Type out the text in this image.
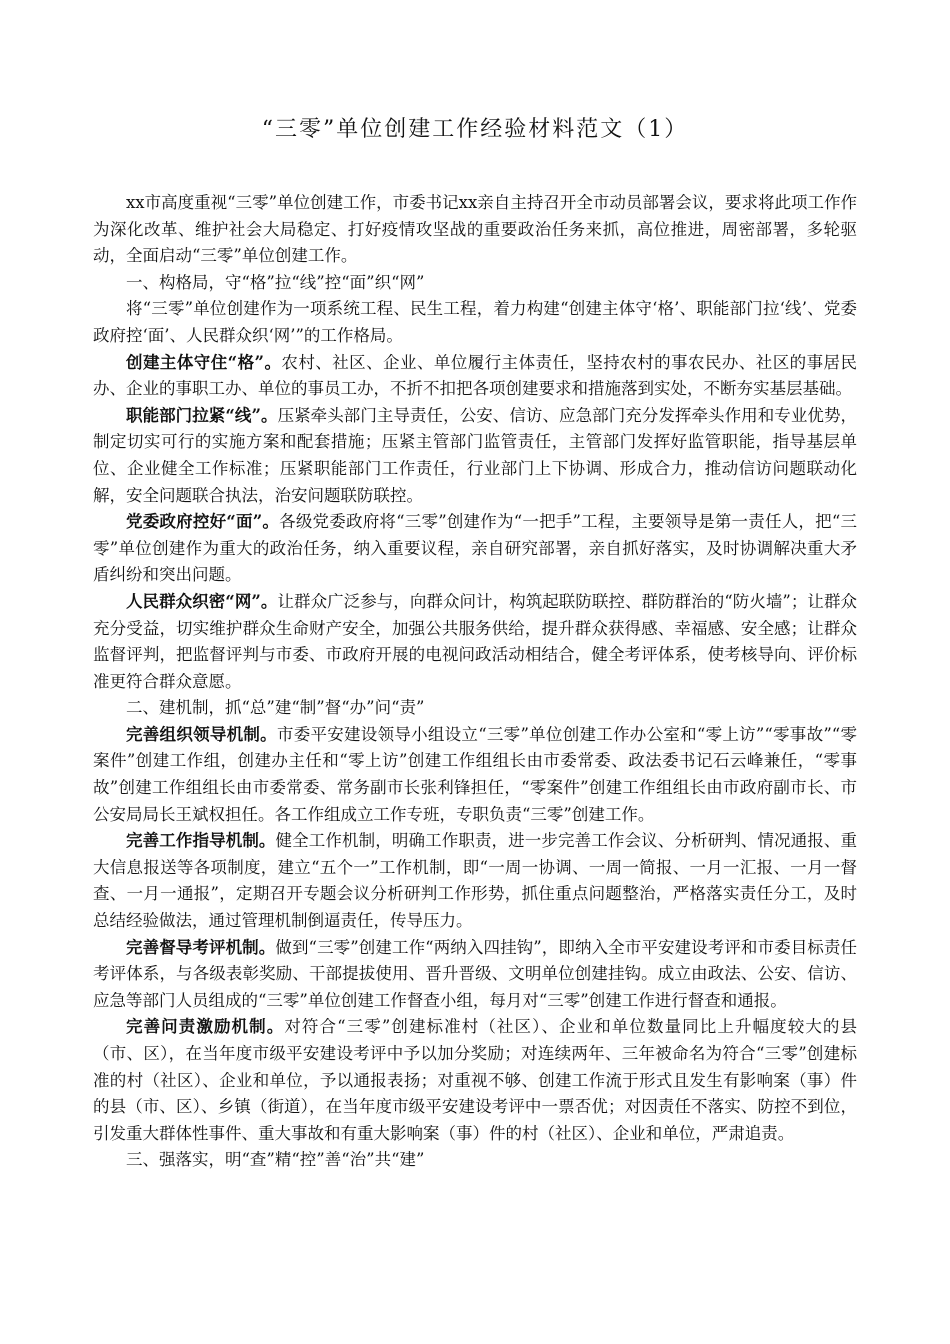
“三零”单位创建工作经验材料范文（1）

xx市高度重视“三零”单位创建工作，市委书记xx亲自主持召开全市动员部署会议，要求将此项工作作为深化改革、维护社会大局稳定、打好疫情攻坚战的重要政治任务来抓，高位推进，周密部署，多轮驱动，全面启动“三零”单位创建工作。

一、构格局，守“格”拉“线”控“面”织“网”

将“三零”单位创建作为一项系统工程、民生工程，着力构建“创建主体守‘格’、职能部门拉‘线’、党委政府控‘面’、人民群众织‘网’”的工作格局。

创建主体守住“格”。农村、社区、企业、单位履行主体责任，坚持农村的事农民办、社区的事居民办、企业的事职工办、单位的事员工办，不折不扣把各项创建要求和措施落到实处，不断夯实基层基础。

职能部门拉紧“线”。压紧牵头部门主导责任，公安、信访、应急部门充分发挥牵头作用和专业优势，制定切实可行的实施方案和配套措施；压紧主管部门监管责任，主管部门发挥好监管职能，指导基层单位、企业健全工作标准；压紧职能部门工作责任，行业部门上下协调、形成合力，推动信访问题联动化解，安全问题联合执法，治安问题联防联控。

党委政府控好“面”。各级党委政府将“三零”创建作为“一把手”工程，主要领导是第一责任人，把“三零”单位创建作为重大的政治任务，纳入重要议程，亲自研究部署，亲自抓好落实，及时协调解决重大矛盾纠纷和突出问题。

人民群众织密“网”。让群众广泛参与，向群众问计，构筑起联防联控、群防群治的“防火墙”；让群众充分受益，切实维护群众生命财产安全，加强公共服务供给，提升群众获得感、幸福感、安全感；让群众监督评判，把监督评判与市委、市政府开展的电视问政活动相结合，健全考评体系，使考核导向、评价标准更符合群众意愿。

二、建机制，抓“总”建“制”督“办”问“责”

完善组织领导机制。市委平安建设领导小组设立“三零”单位创建工作办公室和“零上访”“零事故”“零案件”创建工作组，创建办主任和“零上访”创建工作组组长由市委常委、政法委书记石云峰兼任，“零事故”创建工作组组长由市委常委、常务副市长张利锋担任，“零案件”创建工作组组长由市政府副市长、市公安局局长王斌权担任。各工作组成立工作专班，专职负责“三零”创建工作。

完善工作指导机制。健全工作机制，明确工作职责，进一步完善工作会议、分析研判、情况通报、重大信息报送等各项制度，建立“五个一”工作机制，即“一周一协调、一周一简报、一月一汇报、一月一督查、一月一通报”，定期召开专题会议分析研判工作形势，抓住重点问题整治，严格落实责任分工，及时总结经验做法，通过管理机制倒逼责任，传导压力。

完善督导考评机制。做到“三零”创建工作“两纳入四挂钩”，即纳入全市平安建设考评和市委目标责任考评体系，与各级表彰奖励、干部提拔使用、晋升晋级、文明单位创建挂钩。成立由政法、公安、信访、应急等部门人员组成的“三零”单位创建工作督查小组，每月对“三零”创建工作进行督查和通报。

完善问责激励机制。对符合“三零”创建标准村（社区）、企业和单位数量同比上升幅度较大的县（市、区），在当年度市级平安建设考评中予以加分奖励；对连续两年、三年被命名为符合“三零”创建标准的村（社区）、企业和单位，予以通报表扬；对重视不够、创建工作流于形式且发生有影响案（事）件的县（市、区）、乡镇（街道），在当年度市级平安建设考评中一票否优；对因责任不落实、防控不到位，引发重大群体性事件、重大事故和有重大影响案（事）件的村（社区）、企业和单位，严肃追责。

三、强落实，明“查”精“控”善“治”共“建”
